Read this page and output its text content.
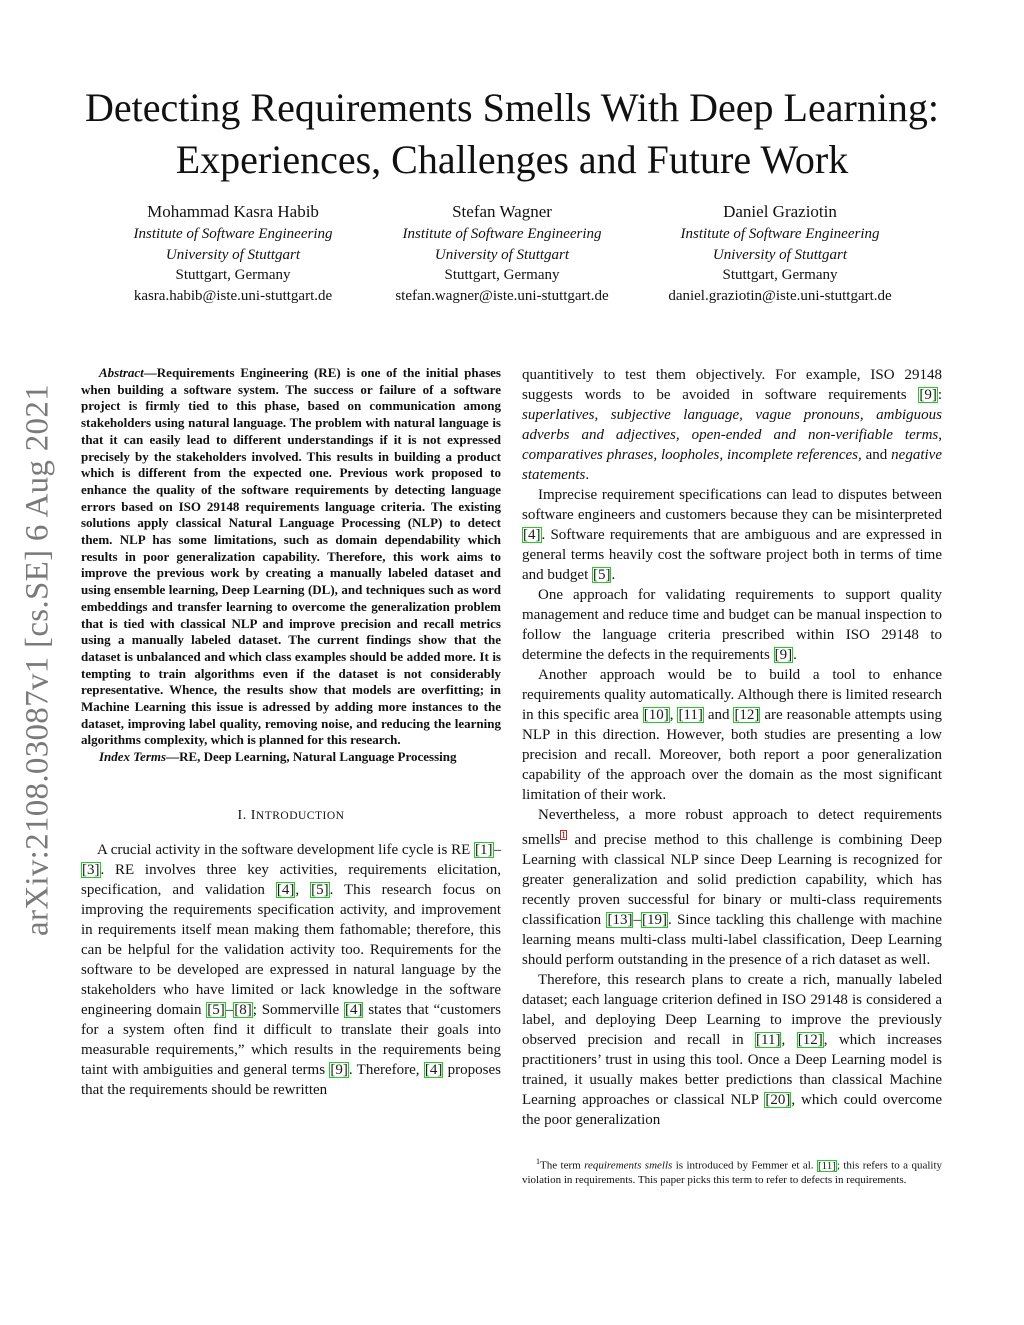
arXiv:2108.03087v1 [cs.SE] 6 Aug 2021
Detecting Requirements Smells With Deep Learning: Experiences, Challenges and Future Work
Mohammad Kasra Habib
Institute of Software Engineering
University of Stuttgart
Stuttgart, Germany
kasra.habib@iste.uni-stuttgart.de
Stefan Wagner
Institute of Software Engineering
University of Stuttgart
Stuttgart, Germany
stefan.wagner@iste.uni-stuttgart.de
Daniel Graziotin
Institute of Software Engineering
University of Stuttgart
Stuttgart, Germany
daniel.graziotin@iste.uni-stuttgart.de

Abstract—Requirements Engineering (RE) is one of the initial phases when building a software system. The success or failure of a software project is firmly tied to this phase, based on communication among stakeholders using natural language. The problem with natural language is that it can easily lead to different understandings if it is not expressed precisely by the stakeholders involved. This results in building a product which is different from the expected one. Previous work proposed to enhance the quality of the software requirements by detecting language errors based on ISO 29148 requirements language criteria. The existing solutions apply classical Natural Language Processing (NLP) to detect them. NLP has some limitations, such as domain dependability which results in poor generalization capability. Therefore, this work aims to improve the previous work by creating a manually labeled dataset and using ensemble learning, Deep Learning (DL), and techniques such as word embeddings and transfer learning to overcome the generalization problem that is tied with classical NLP and improve precision and recall metrics using a manually labeled dataset. The current findings show that the dataset is unbalanced and which class examples should be added more. It is tempting to train algorithms even if the dataset is not considerably representative. Whence, the results show that models are overfitting; in Machine Learning this issue is adressed by adding more instances to the dataset, improving label quality, removing noise, and reducing the learning algorithms complexity, which is planned for this research.

Index Terms—RE, Deep Learning, Natural Language Processing

I. INTRODUCTION

A crucial activity in the software development life cycle is RE [1]–[3]. RE involves three key activities, requirements elicitation, specification, and validation [4], [5]. This research focus on improving the requirements specification activity, and improvement in requirements itself mean making them fathomable; therefore, this can be helpful for the validation activity too. Requirements for the software to be developed are expressed in natural language by the stakeholders who have limited or lack knowledge in the software engineering domain [5]–[8]; Sommerville [4] states that “customers for a system often find it difficult to translate their goals into measurable requirements,” which results in the requirements being taint with ambiguities and general terms [9]. Therefore, [4] proposes that the requirements should be rewritten

quantitively to test them objectively. For example, ISO 29148 suggests words to be avoided in software requirements [9]: superlatives, subjective language, vague pronouns, ambiguous adverbs and adjectives, open-ended and non-verifiable terms, comparatives phrases, loopholes, incomplete references, and negative statements.

Imprecise requirement specifications can lead to disputes between software engineers and customers because they can be misinterpreted [4]. Software requirements that are ambiguous and are expressed in general terms heavily cost the software project both in terms of time and budget [5].

One approach for validating requirements to support quality management and reduce time and budget can be manual inspection to follow the language criteria prescribed within ISO 29148 to determine the defects in the requirements [9].

Another approach would be to build a tool to enhance requirements quality automatically. Although there is limited research in this specific area [10], [11] and [12] are reasonable attempts using NLP in this direction. However, both studies are presenting a low precision and recall. Moreover, both report a poor generalization capability of the approach over the domain as the most significant limitation of their work.

Nevertheless, a more robust approach to detect requirements smells$^1$ and precise method to this challenge is combining Deep Learning with classical NLP since Deep Learning is recognized for greater generalization and solid prediction capability, which has recently proven successful for binary or multi-class requirements classification [13]–[19]. Since tackling this challenge with machine learning means multi-class multi-label classification, Deep Learning should perform outstanding in the presence of a rich dataset as well.

Therefore, this research plans to create a rich, manually labeled dataset; each language criterion defined in ISO 29148 is considered a label, and deploying Deep Learning to improve the previously observed precision and recall in [11], [12], which increases practitioners’ trust in using this tool. Once a Deep Learning model is trained, it usually makes better predictions than classical Machine Learning approaches or classical NLP [20], which could overcome the poor generalization

$^1$The term requirements smells is introduced by Femmer et al. [11]; this refers to a quality violation in requirements. This paper picks this term to refer to defects in requirements.
